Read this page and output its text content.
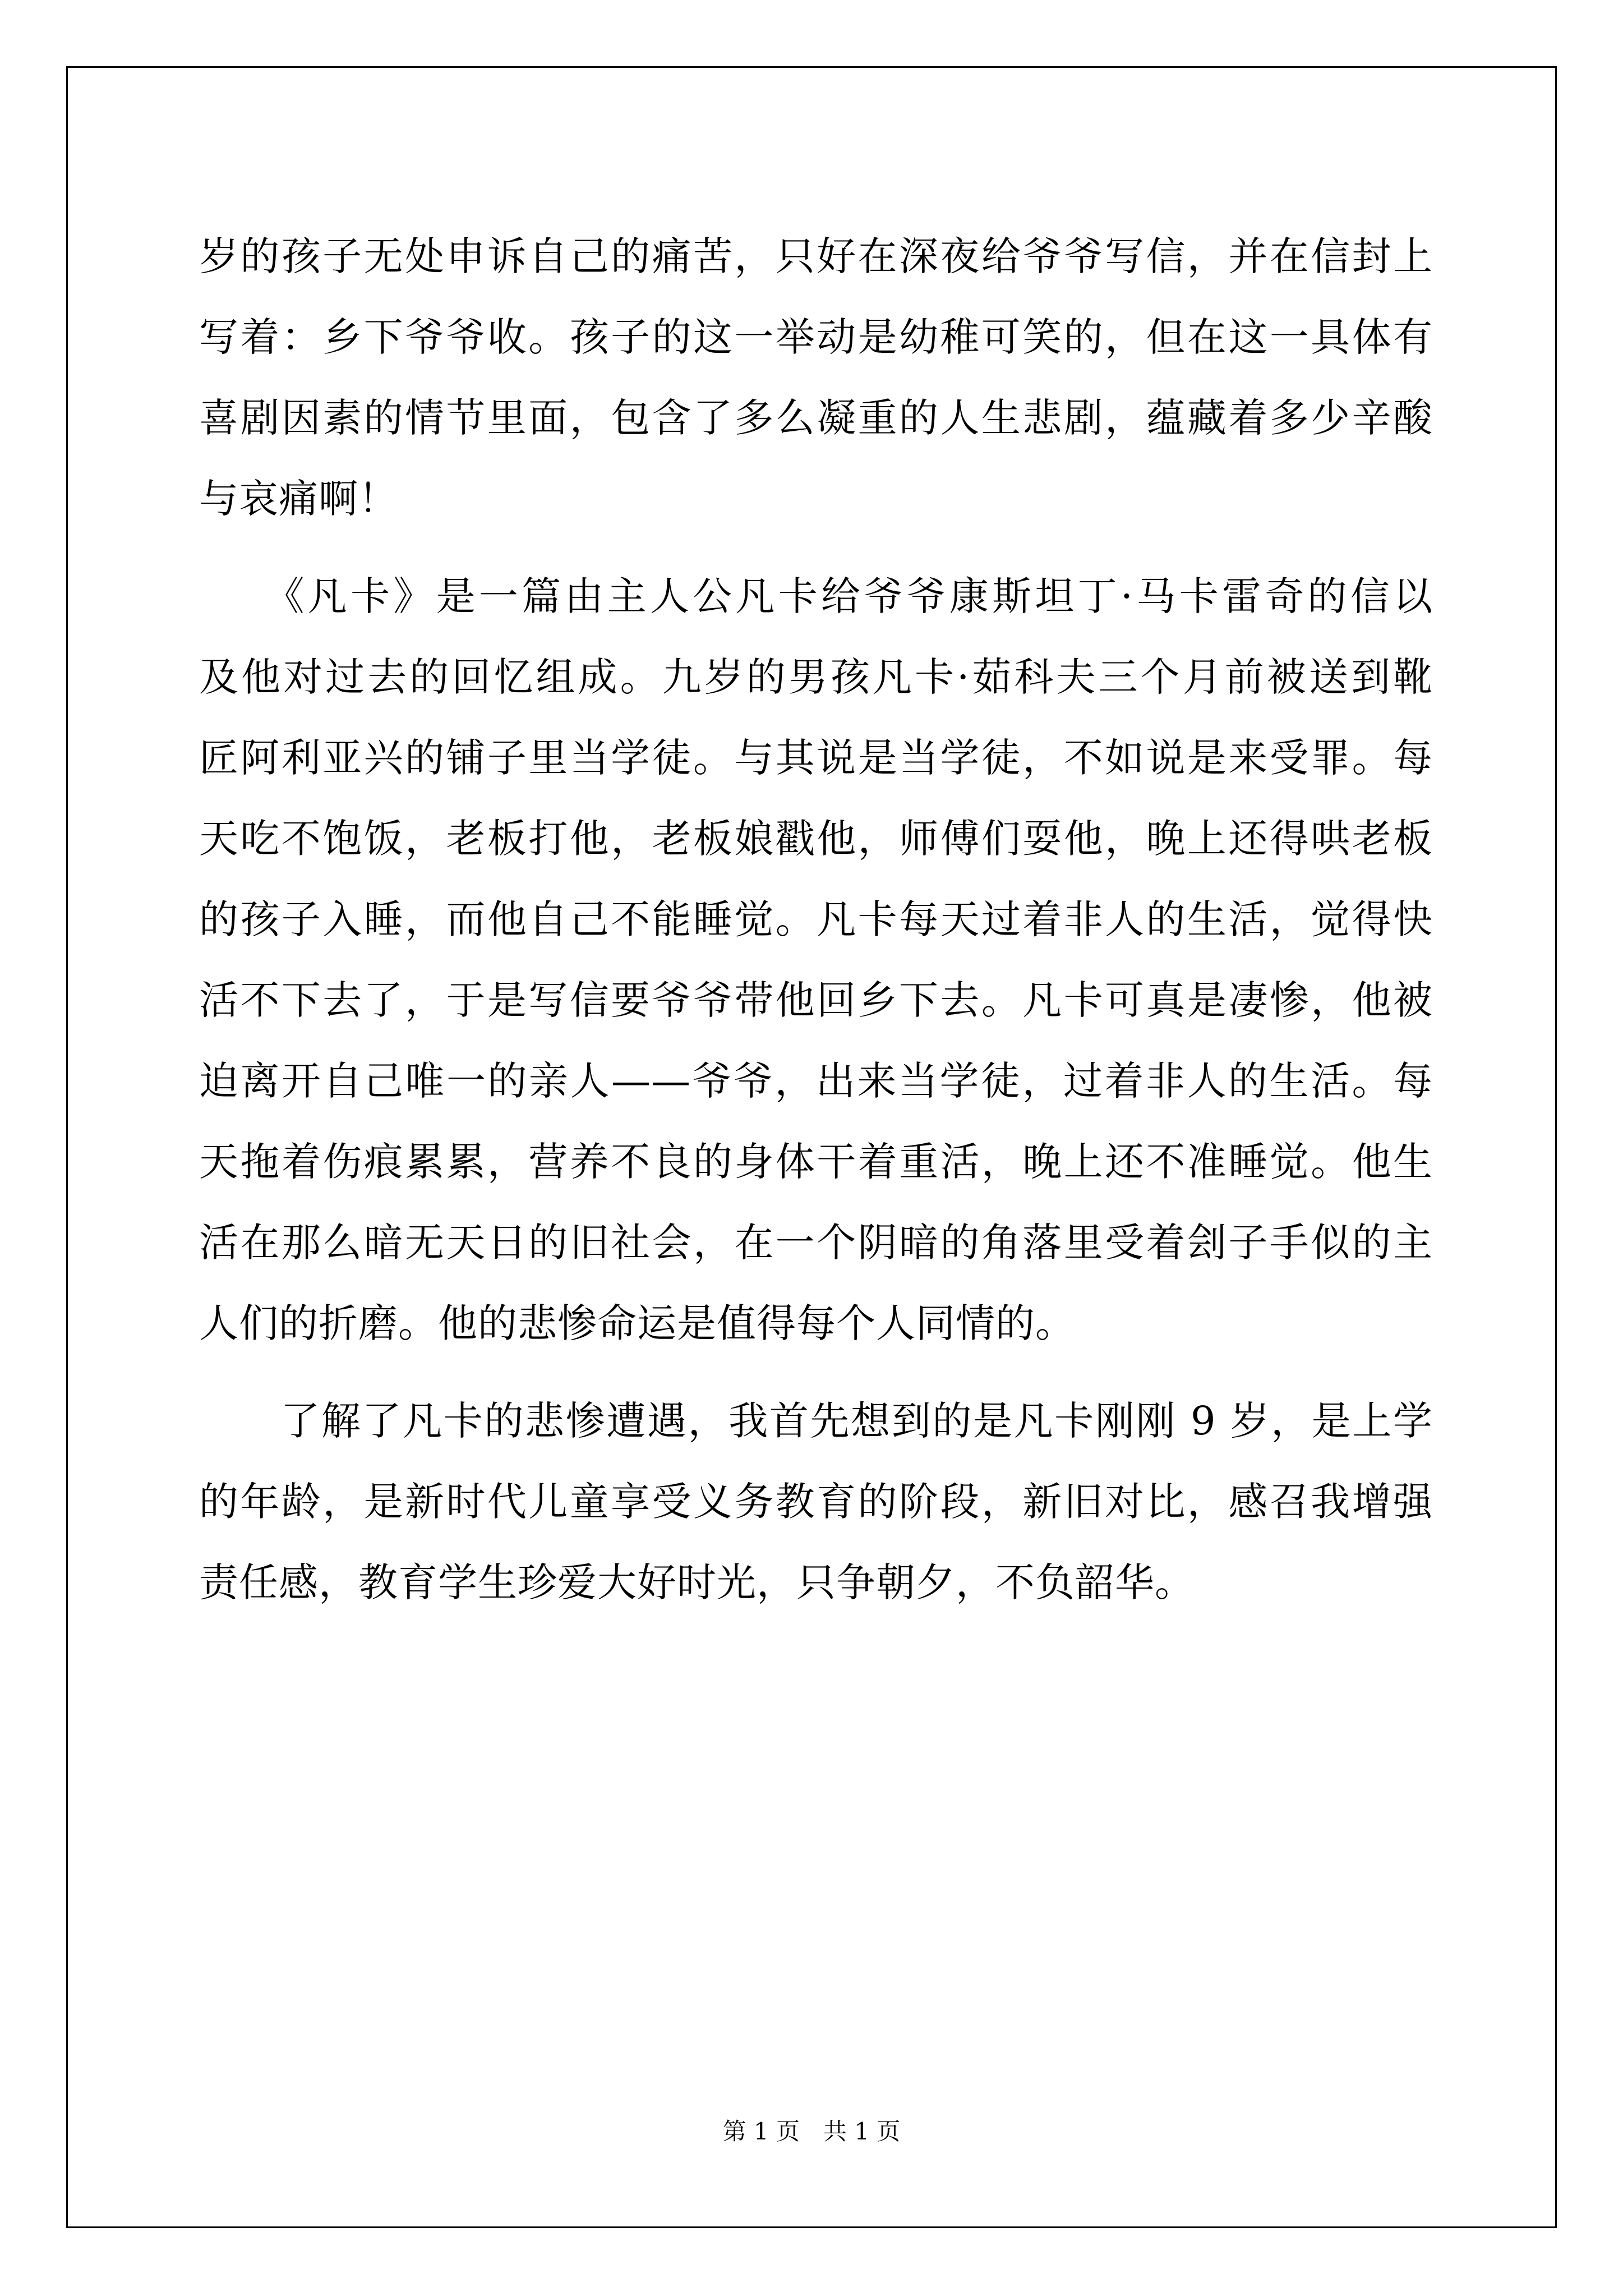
岁的孩子无处申诉自己的痛苦，只好在深夜给爷爷写信，并在信封上
写着：乡下爷爷收。孩子的这一举动是幼稚可笑的，但在这一具体有
喜剧因素的情节里面，包含了多么凝重的人生悲剧，蕴藏着多少辛酸
与哀痛啊！
　　《凡卡》是一篇由主人公凡卡给爷爷康斯坦丁·马卡雷奇的信以
及他对过去的回忆组成。九岁的男孩凡卡·茹科夫三个月前被送到靴
匠阿利亚兴的铺子里当学徒。与其说是当学徒，不如说是来受罪。每
天吃不饱饭，老板打他，老板娘戳他，师傅们耍他，晚上还得哄老板
的孩子入睡，而他自己不能睡觉。凡卡每天过着非人的生活，觉得快
活不下去了，于是写信要爷爷带他回乡下去。凡卡可真是凄惨，他被
迫离开自己唯一的亲人——爷爷，出来当学徒，过着非人的生活。每
天拖着伤痕累累，营养不良的身体干着重活，晚上还不准睡觉。他生
活在那么暗无天日的旧社会，在一个阴暗的角落里受着刽子手似的主
人们的折磨。他的悲惨命运是值得每个人同情的。
　　了解了凡卡的悲惨遭遇，我首先想到的是凡卡刚刚 9 岁，是上学
的年龄，是新时代儿童享受义务教育的阶段，新旧对比，感召我增强
责任感，教育学生珍爱大好时光，只争朝夕，不负韶华。
第 1 页　共 1 页
